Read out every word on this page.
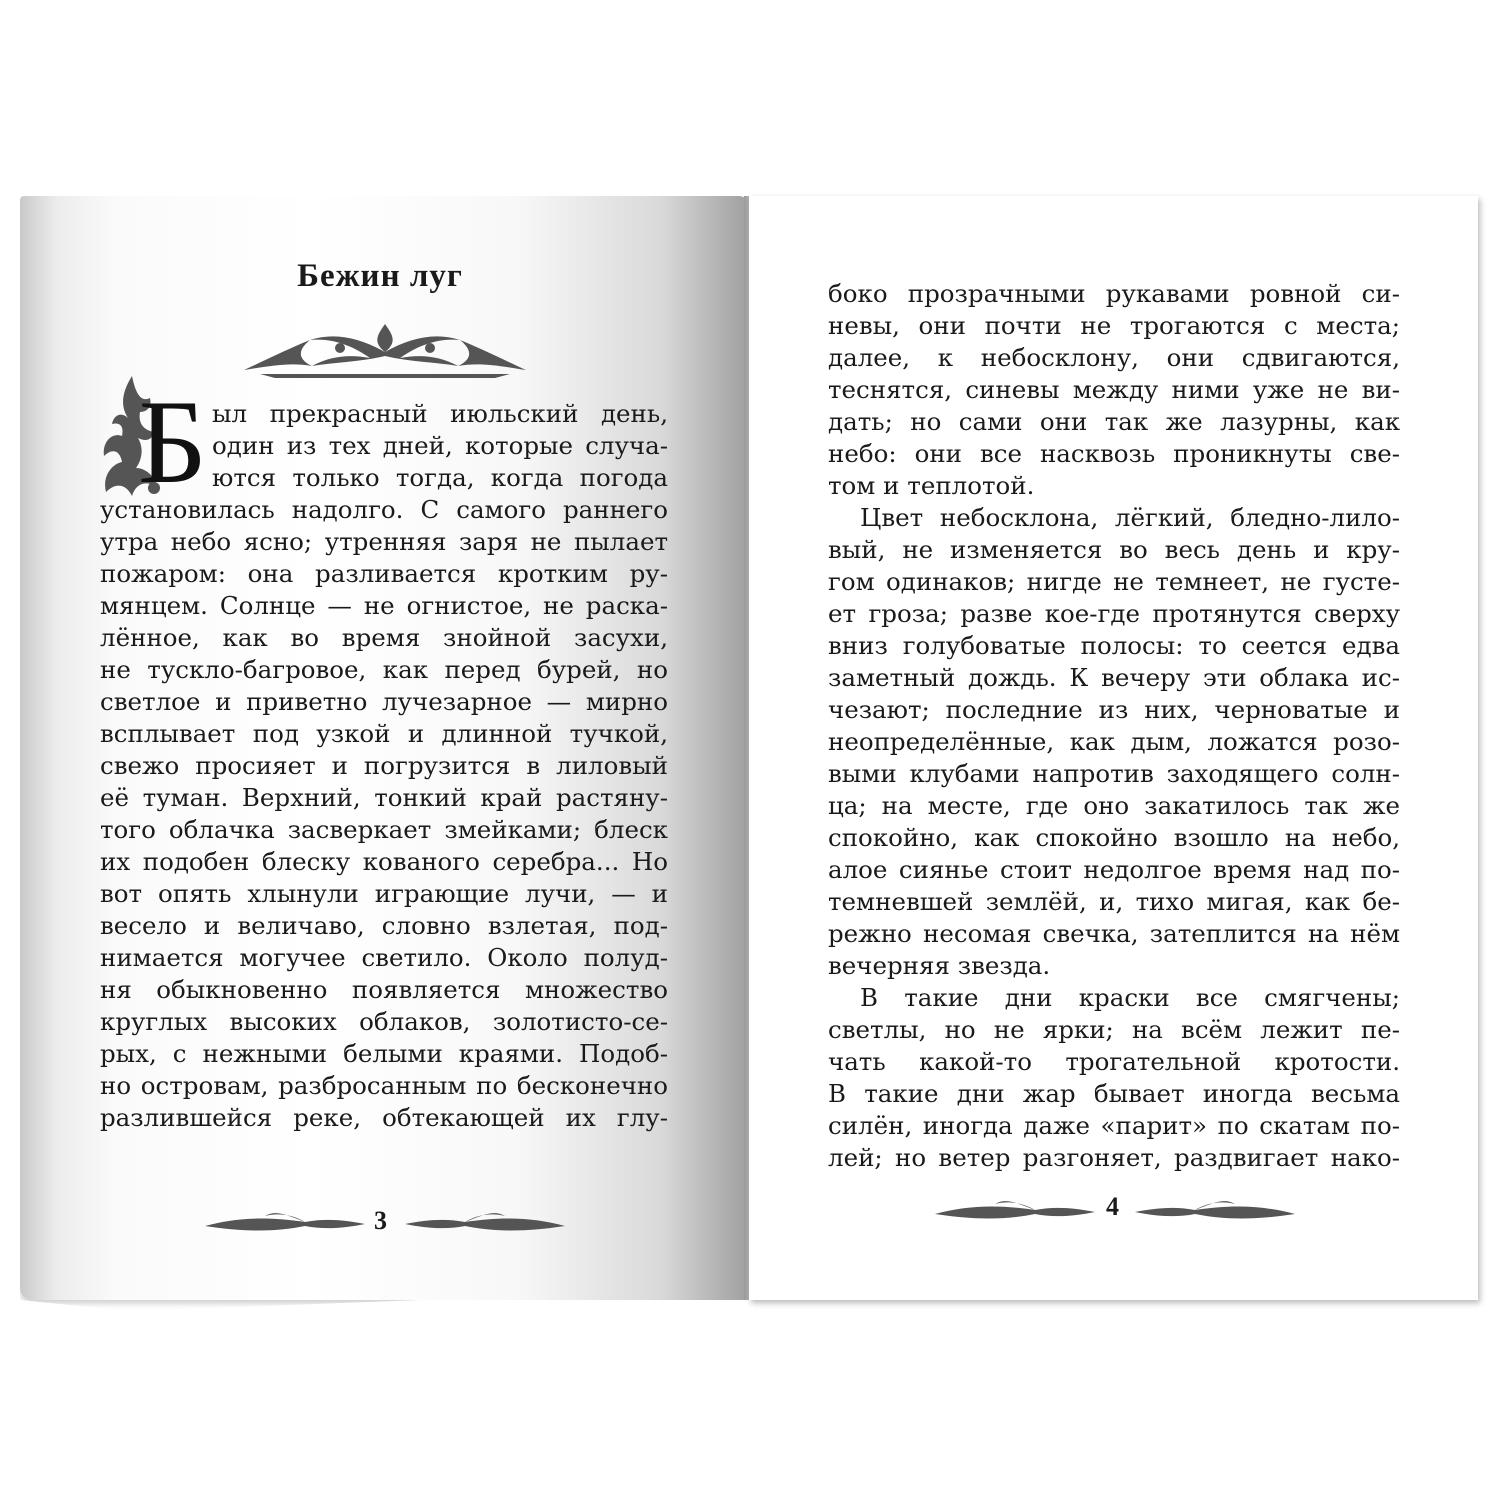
Бежин луг
Б ыл прекрасный июльский день,
один из тех дней, которые случа-
ются только тогда, когда погода
установилась надолго. С самого раннего
утра небо ясно; утренняя заря не пылает
пожаром: она разливается кротким ру-
мянцем. Солнце — не огнистое, не раска-
лённое, как во время знойной засухи,
не тускло-багровое, как перед бурей, но
светлое и приветно лучезарное — мирно
всплывает под узкой и длинной тучкой,
свежо просияет и погрузится в лиловый
её туман. Верхний, тонкий край растяну-
того облачка засверкает змейками; блеск
их подобен блеску кованого серебра... Но
вот опять хлынули играющие лучи, — и
весело и величаво, словно взлетая, под-
нимается могучее светило. Около полуд-
ня обыкновенно появляется множество
круглых высоких облаков, золотисто-се-
рых, с нежными белыми краями. Подоб-
но островам, разбросанным по бесконечно
разлившейся реке, обтекающей их глу-
3
боко прозрачными рукавами ровной си-
невы, они почти не трогаются с места;
далее, к небосклону, они сдвигаются,
теснятся, синевы между ними уже не ви-
дать; но сами они так же лазурны, как
небо: они все насквозь проникнуты све-
том и теплотой.
Цвет небосклона, лёгкий, бледно-лило-
вый, не изменяется во весь день и кру-
гом одинаков; нигде не темнеет, не густе-
ет гроза; разве кое-где протянутся сверху
вниз голубоватые полосы: то сеется едва
заметный дождь. К вечеру эти облака ис-
чезают; последние из них, черноватые и
неопределённые, как дым, ложатся розо-
выми клубами напротив заходящего солн-
ца; на месте, где оно закатилось так же
спокойно, как спокойно взошло на небо,
алое сиянье стоит недолгое время над по-
темневшей землёй, и, тихо мигая, как бе-
режно несомая свечка, затеплится на нём
вечерняя звезда.
В такие дни краски все смягчены;
светлы, но не ярки; на всём лежит пе-
чать какой-то трогательной кротости.
В такие дни жар бывает иногда весьма
силён, иногда даже «парит» по скатам по-
лей; но ветер разгоняет, раздвигает нако-
4
